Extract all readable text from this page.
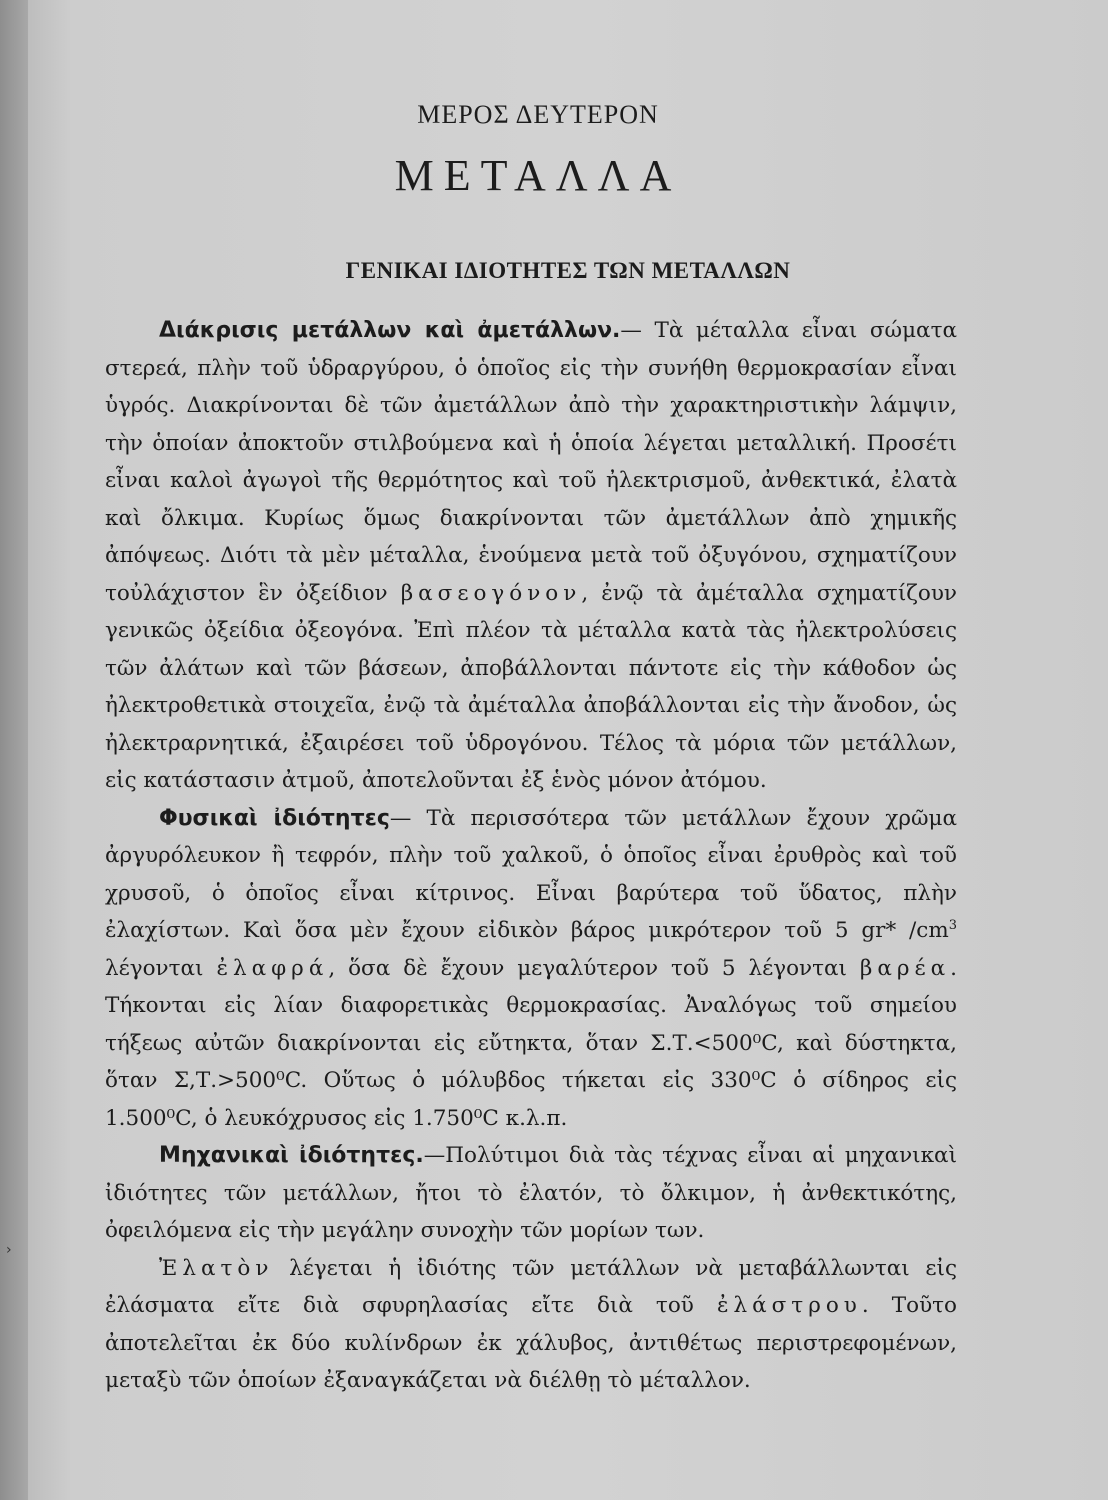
›
ΜΕΡΟΣ ΔΕΥΤΕΡΟΝ
ΜΕΤΑΛΛΑ
ΓΕΝΙΚΑΙ ΙΔΙΟΤΗΤΕΣ ΤΩΝ ΜΕΤΑΛΛΩΝ

Διάκρισις μετάλλων καὶ ἀμετάλλων.— Τὰ μέταλλα εἶναι σώματα στερεά, πλὴν τοῦ ὑδραργύρου, ὁ ὁποῖος εἰς τὴν συνήθη θερμοκρασίαν εἶναι ὑγρός. Διακρίνονται δὲ τῶν ἀμετάλλων ἀπὸ τὴν χαρακτηριστικὴν λάμψιν, τὴν ὁποίαν ἀποκτοῦν στιλβούμενα καὶ ἡ ὁποία λέγεται μεταλλική. Προσέτι εἶναι καλοὶ ἀγωγοὶ τῆς θερμότητος καὶ τοῦ ἠλεκτρισμοῦ, ἀνθεκτικά, ἐλατὰ καὶ ὄλκιμα. Κυρίως ὅμως διακρίνονται τῶν ἀμετάλλων ἀπὸ χημικῆς ἀπόψεως. Διότι τὰ μὲν μέταλλα, ἑνούμενα μετὰ τοῦ ὀξυγόνου, σχηματίζουν τοὐλάχιστον ἓν ὀξείδιον βασεογόνον, ἐνῷ τὰ ἀμέταλλα σχηματίζουν γενικῶς ὀξείδια ὀξεογόνα. Ἐπὶ πλέον τὰ μέταλλα κατὰ τὰς ἠλεκτρολύσεις τῶν ἀλάτων καὶ τῶν βάσεων, ἀποβάλλονται πάντοτε εἰς τὴν κάθοδον ὡς ἠλεκτροθετικὰ στοιχεῖα, ἐνῷ τὰ ἀμέταλλα ἀποβάλλονται εἰς τὴν ἄνοδον, ὡς ἠλεκτραρνητικά, ἐξαιρέσει τοῦ ὑδρογόνου. Τέλος τὰ μόρια τῶν μετάλλων, εἰς κατάστασιν ἀτμοῦ, ἀποτελοῦνται ἐξ ἑνὸς μόνον ἀτόμου.

Φυσικαὶ ἰδιότητες— Τὰ περισσότερα τῶν μετάλλων ἔχουν χρῶμα ἀργυρόλευκον ἢ τεφρόν, πλὴν τοῦ χαλκοῦ, ὁ ὁποῖος εἶναι ἐρυθρὸς καὶ τοῦ χρυσοῦ, ὁ ὁποῖος εἶναι κίτρινος. Εἶναι βαρύτερα τοῦ ὕδατος, πλὴν ἐλαχίστων. Καὶ ὅσα μὲν ἔχουν εἰδικὸν βάρος μικρότερον τοῦ 5 gr* $/cm^3$ λέγονται ἐλαφρά, ὅσα δὲ ἔχουν μεγαλύτερον τοῦ 5 λέγονται βαρέα. Τήκονται εἰς λίαν διαφορετικὰς θερμοκρασίας. Ἀναλόγως τοῦ σημείου τήξεως αὐτῶν διακρίνονται εἰς εὔτηκτα, ὅταν Σ.Τ.<500⁰C, καὶ δύστηκτα, ὅταν Σ,Τ.>500⁰C. Οὕτως ὁ μόλυβδος τήκεται εἰς 330⁰C ὁ σίδηρος εἰς 1.500⁰C, ὁ λευκόχρυσος εἰς 1.750⁰C κ.λ.π.

Μηχανικαὶ ἰδιότητες.—Πολύτιμοι διὰ τὰς τέχνας εἶναι αἱ μηχανικαὶ ἰδιότητες τῶν μετάλλων, ἤτοι τὸ ἐλατόν, τὸ ὄλκιμον, ἡ ἀνθεκτικότης, ὀφειλόμενα εἰς τὴν μεγάλην συνοχὴν τῶν μορίων των.

Ἐλατὸν λέγεται ἡ ἰδιότης τῶν μετάλλων νὰ μεταβάλλωνται εἰς ἐλάσματα εἴτε διὰ σφυρηλασίας εἴτε διὰ τοῦ ἐλάστρου. Τοῦτο ἀποτελεῖται ἐκ δύο κυλίνδρων ἐκ χάλυβος, ἀντιθέτως περιστρεφομένων, μεταξὺ τῶν ὁποίων ἐξαναγκάζεται νὰ διέλθῃ τὸ μέταλλον.
